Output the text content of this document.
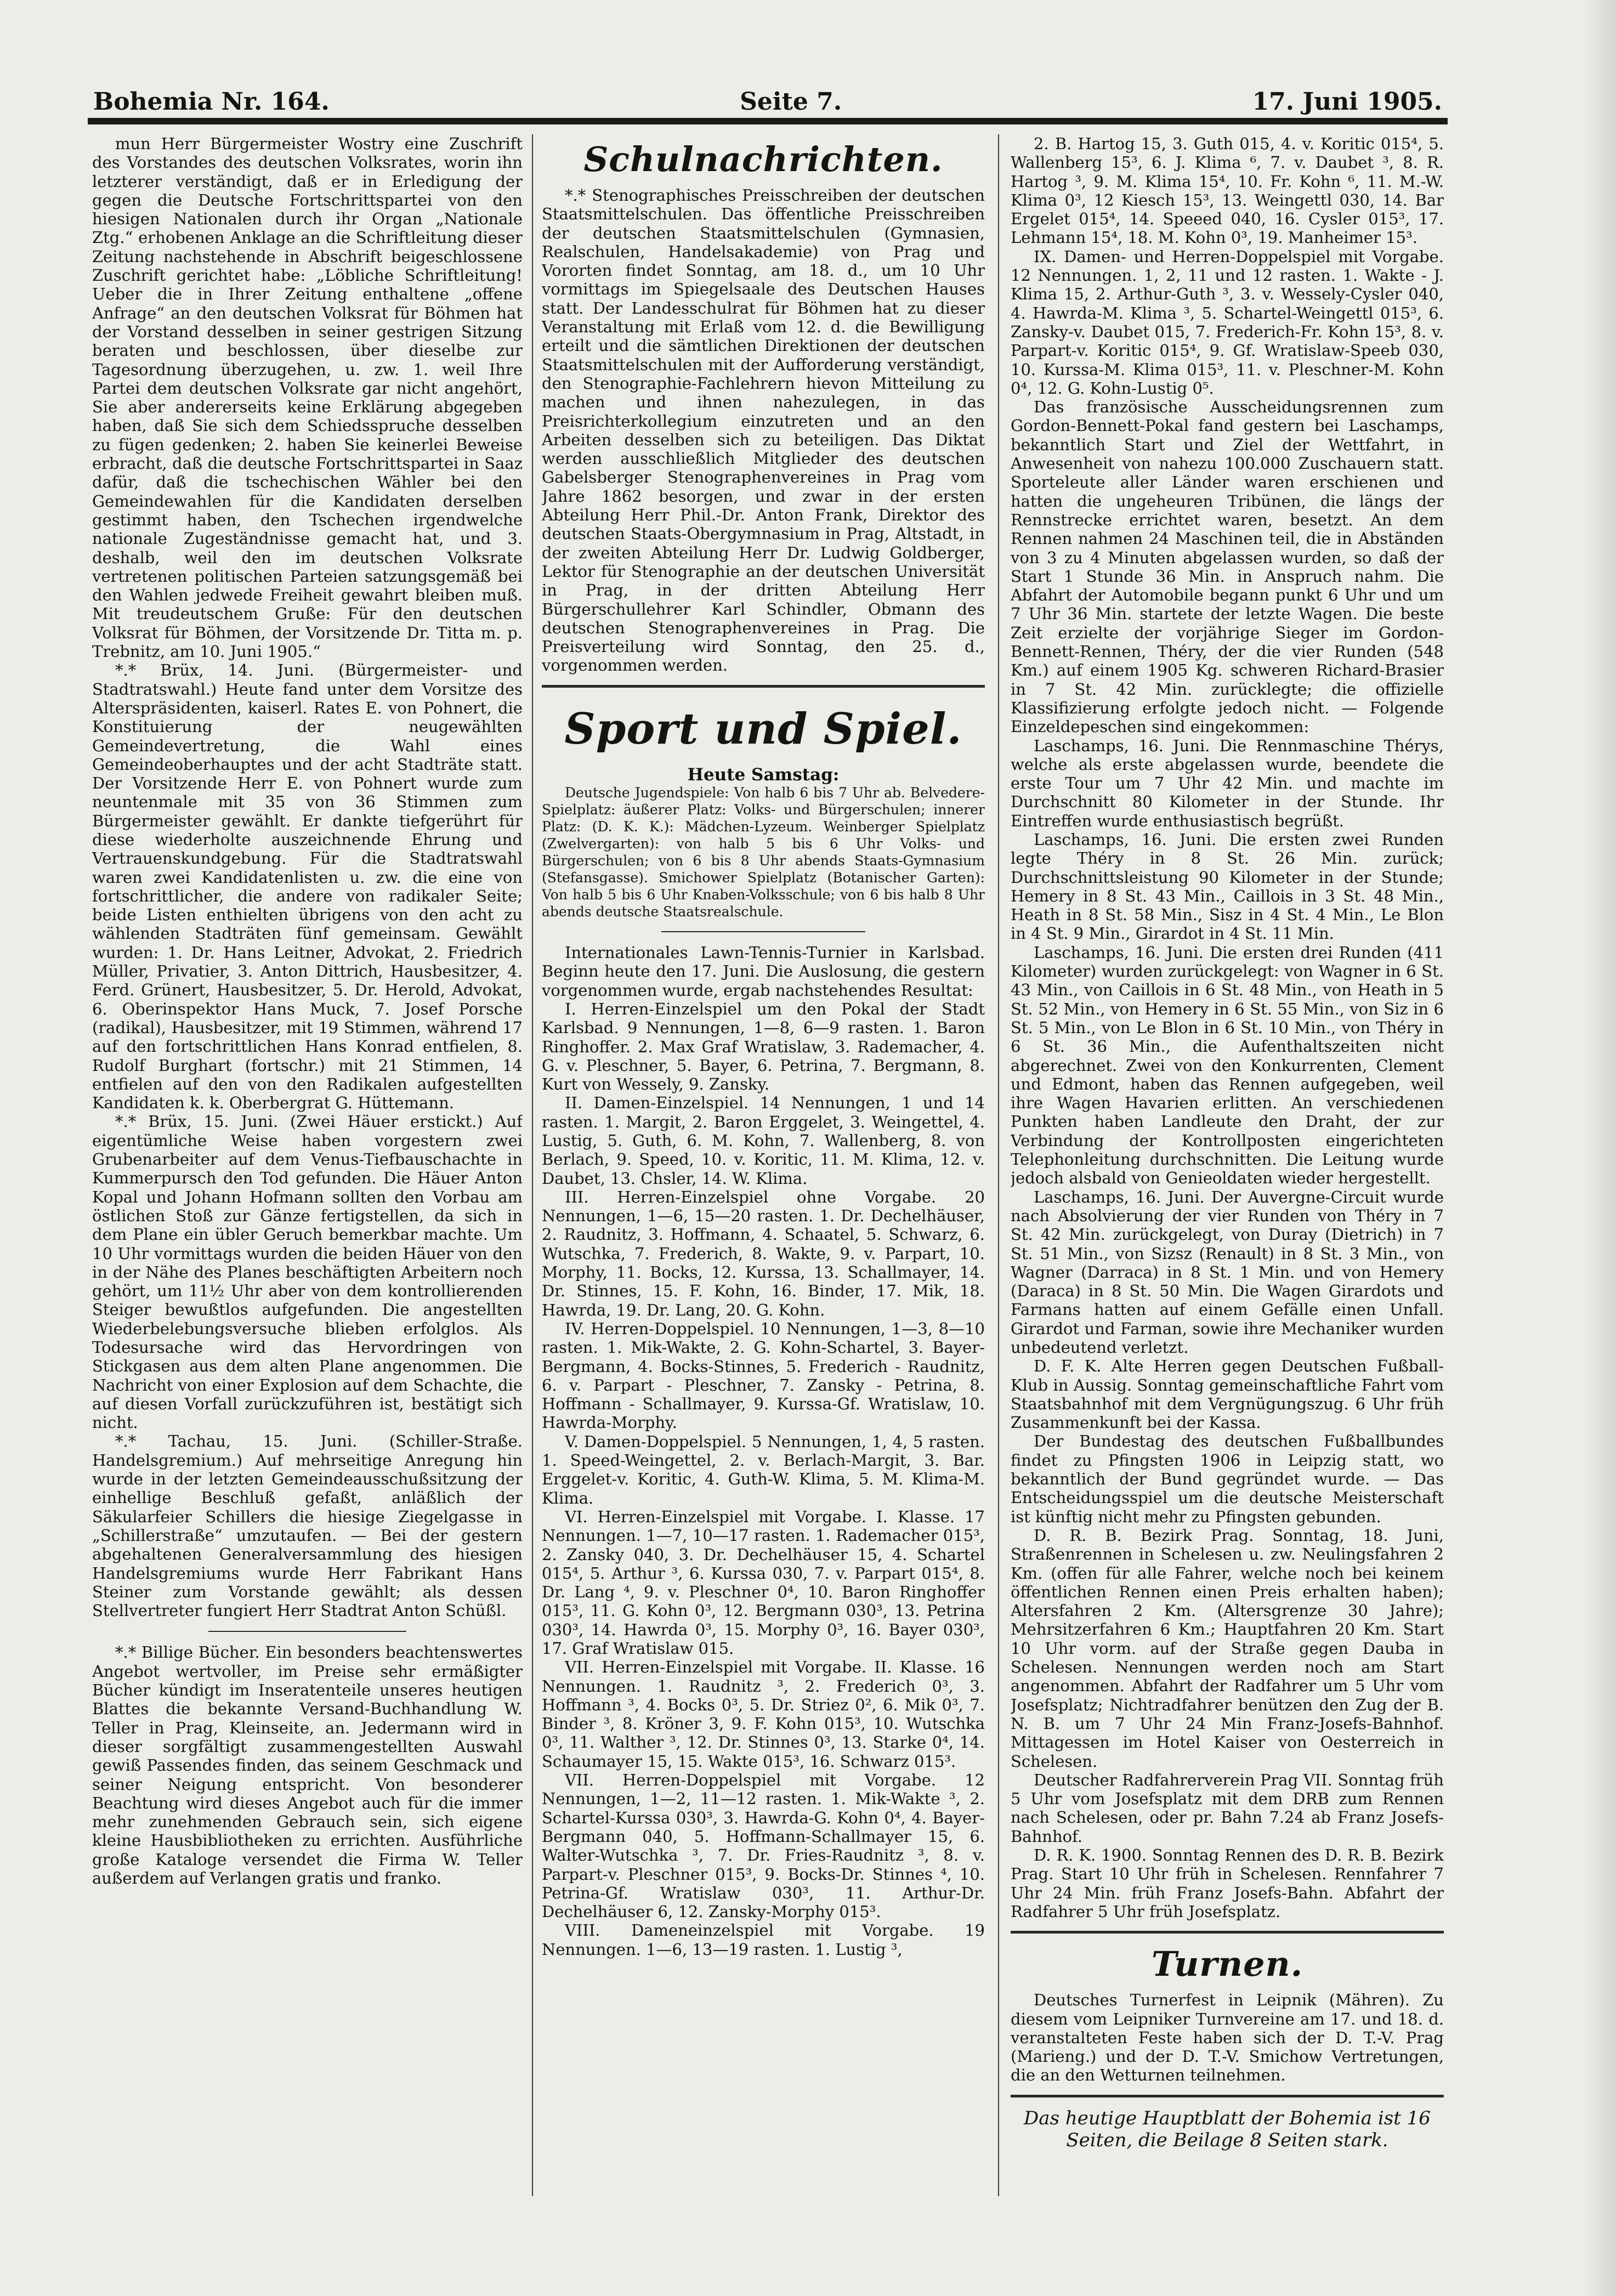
Bohemia Nr. 164.	Seite 7.	17. Juni 1905.

mun Herr Bürgermeister Wostry eine Zuschrift des Vorstandes des deutschen Volksrates, worin ihn letzterer verständigt, daß er in Erledigung der gegen die Deutsche Fortschrittspartei von den hiesigen Nationalen durch ihr Organ „Nationale Ztg.“ erhobenen Anklage an die Schriftleitung dieser Zeitung nachstehende in Abschrift beigeschlossene Zuschrift gerichtet habe: „Löbliche Schriftleitung! Ueber die in Ihrer Zeitung enthaltene „offene Anfrage“ an den deutschen Volksrat für Böhmen hat der Vorstand desselben in seiner gestrigen Sitzung beraten und beschlossen, über dieselbe zur Tagesordnung überzugehen, u. zw. 1. weil Ihre Partei dem deutschen Volksrate gar nicht angehört, Sie aber andererseits keine Erklärung abgegeben haben, daß Sie sich dem Schiedsspruche desselben zu fügen gedenken; 2. haben Sie keinerlei Beweise erbracht, daß die deutsche Fortschrittspartei in Saaz dafür, daß die tschechischen Wähler bei den Gemeindewahlen für die Kandidaten derselben gestimmt haben, den Tschechen irgendwelche nationale Zugeständnisse gemacht hat, und 3. deshalb, weil den im deutschen Volksrate vertretenen politischen Parteien satzungsgemäß bei den Wahlen jedwede Freiheit gewahrt bleiben muß. Mit treudeutschem Gruße: Für den deutschen Volksrat für Böhmen, der Vorsitzende Dr. Titta m. p. Trebnitz, am 10. Juni 1905.“

*.* Brüx, 14. Juni. (Bürgermeister- und Stadtratswahl.) Heute fand unter dem Vorsitze des Alterspräsidenten, kaiserl. Rates E. von Pohnert, die Konstituierung der neugewählten Gemeindevertretung, die Wahl eines Gemeindeoberhauptes und der acht Stadträte statt. Der Vorsitzende Herr E. von Pohnert wurde zum neuntenmale mit 35 von 36 Stimmen zum Bürgermeister gewählt. Er dankte tiefgerührt für diese wiederholte auszeichnende Ehrung und Vertrauenskundgebung. Für die Stadtratswahl waren zwei Kandidatenlisten u. zw. die eine von fortschrittlicher, die andere von radikaler Seite; beide Listen enthielten übrigens von den acht zu wählenden Stadträten fünf gemeinsam. Gewählt wurden: 1. Dr. Hans Leitner, Advokat, 2. Friedrich Müller, Privatier, 3. Anton Dittrich, Hausbesitzer, 4. Ferd. Grünert, Hausbesitzer, 5. Dr. Herold, Advokat, 6. Oberinspektor Hans Muck, 7. Josef Porsche (radikal), Hausbesitzer, mit 19 Stimmen, während 17 auf den fortschrittlichen Hans Konrad entfielen, 8. Rudolf Burghart (fortschr.) mit 21 Stimmen, 14 entfielen auf den von den Radikalen aufgestellten Kandidaten k. k. Oberbergrat G. Hüttemann.

*.* Brüx, 15. Juni. (Zwei Häuer erstickt.) Auf eigentümliche Weise haben vorgestern zwei Grubenarbeiter auf dem Venus-Tiefbauschachte in Kummerpursch den Tod gefunden. Die Häuer Anton Kopal und Johann Hofmann sollten den Vorbau am östlichen Stoß zur Gänze fertigstellen, da sich in dem Plane ein übler Geruch bemerkbar machte. Um 10 Uhr vormittags wurden die beiden Häuer von den in der Nähe des Planes beschäftigten Arbeitern noch gehört, um 11½ Uhr aber von dem kontrollierenden Steiger bewußtlos aufgefunden. Die angestellten Wiederbelebungsversuche blieben erfolglos. Als Todesursache wird das Hervordringen von Stickgasen aus dem alten Plane angenommen. Die Nachricht von einer Explosion auf dem Schachte, die auf diesen Vorfall zurückzuführen ist, bestätigt sich nicht.

*.* Tachau, 15. Juni. (Schiller-Straße. Handelsgremium.) Auf mehrseitige Anregung hin wurde in der letzten Gemeindeausschußsitzung der einhellige Beschluß gefaßt, anläßlich der Säkularfeier Schillers die hiesige Ziegelgasse in „Schillerstraße“ umzutaufen. — Bei der gestern abgehaltenen Generalversammlung des hiesigen Handelsgremiums wurde Herr Fabrikant Hans Steiner zum Vorstande gewählt; als dessen Stellvertreter fungiert Herr Stadtrat Anton Schüßl.

*.* Billige Bücher. Ein besonders beachtenswertes Angebot wertvoller, im Preise sehr ermäßigter Bücher kündigt im Inseratenteile unseres heutigen Blattes die bekannte Versand-Buchhandlung W. Teller in Prag, Kleinseite, an. Jedermann wird in dieser sorgfältigt zusammengestellten Auswahl gewiß Passendes finden, das seinem Geschmack und seiner Neigung entspricht. Von besonderer Beachtung wird dieses Angebot auch für die immer mehr zunehmenden Gebrauch sein, sich eigene kleine Hausbibliotheken zu errichten. Ausführliche große Kataloge versendet die Firma W. Teller außerdem auf Verlangen gratis und franko.

Schulnachrichten.

*.* Stenographisches Preisschreiben der deutschen Staatsmittelschulen. Das öffentliche Preisschreiben der deutschen Staatsmittelschulen (Gymnasien, Realschulen, Handelsakademie) von Prag und Vororten findet Sonntag, am 18. d., um 10 Uhr vormittags im Spiegelsaale des Deutschen Hauses statt. Der Landesschulrat für Böhmen hat zu dieser Veranstaltung mit Erlaß vom 12. d. die Bewilligung erteilt und die sämtlichen Direktionen der deutschen Staatsmittelschulen mit der Aufforderung verständigt, den Stenographie-Fachlehrern hievon Mitteilung zu machen und ihnen nahezulegen, in das Preisrichterkollegium einzutreten und an den Arbeiten desselben sich zu beteiligen. Das Diktat werden ausschließlich Mitglieder des deutschen Gabelsberger Stenographenvereines in Prag vom Jahre 1862 besorgen, und zwar in der ersten Abteilung Herr Phil.-Dr. Anton Frank, Direktor des deutschen Staats-Obergymnasium in Prag, Altstadt, in der zweiten Abteilung Herr Dr. Ludwig Goldberger, Lektor für Stenographie an der deutschen Universität in Prag, in der dritten Abteilung Herr Bürgerschullehrer Karl Schindler, Obmann des deutschen Stenographenvereines in Prag. Die Preisverteilung wird Sonntag, den 25. d., vorgenommen werden.

Sport und Spiel.
Heute Samstag:

Deutsche Jugendspiele: Von halb 6 bis 7 Uhr ab. Belvedere-Spielplatz: äußerer Platz: Volks- und Bürgerschulen; innerer Platz: (D. K. K.): Mädchen-Lyzeum. Weinberger Spielplatz (Zwelvergarten): von halb 5 bis 6 Uhr Volks- und Bürgerschulen; von 6 bis 8 Uhr abends Staats-Gymnasium (Stefansgasse). Smichower Spielplatz (Botanischer Garten): Von halb 5 bis 6 Uhr Knaben-Volksschule; von 6 bis halb 8 Uhr abends deutsche Staatsrealschule.

Internationales Lawn-Tennis-Turnier in Karlsbad. Beginn heute den 17. Juni. Die Auslosung, die gestern vorgenommen wurde, ergab nachstehendes Resultat:

I. Herren-Einzelspiel um den Pokal der Stadt Karlsbad. 9 Nennungen, 1—8, 6—9 rasten. 1. Baron Ringhoffer. 2. Max Graf Wratislaw, 3. Rademacher, 4. G. v. Pleschner, 5. Bayer, 6. Petrina, 7. Bergmann, 8. Kurt von Wessely, 9. Zansky.

II. Damen-Einzelspiel. 14 Nennungen, 1 und 14 rasten. 1. Margit, 2. Baron Erggelet, 3. Weingettel, 4. Lustig, 5. Guth, 6. M. Kohn, 7. Wallenberg, 8. von Berlach, 9. Speed, 10. v. Koritic, 11. M. Klima, 12. v. Daubet, 13. Chsler, 14. W. Klima.

III. Herren-Einzelspiel ohne Vorgabe. 20 Nennungen, 1—6, 15—20 rasten. 1. Dr. Dechelhäuser, 2. Raudnitz, 3. Hoffmann, 4. Schaatel, 5. Schwarz, 6. Wutschka, 7. Frederich, 8. Wakte, 9. v. Parpart, 10. Morphy, 11. Bocks, 12. Kurssa, 13. Schallmayer, 14. Dr. Stinnes, 15. F. Kohn, 16. Binder, 17. Mik, 18. Hawrda, 19. Dr. Lang, 20. G. Kohn.

IV. Herren-Doppelspiel. 10 Nennungen, 1—3, 8—10 rasten. 1. Mik-Wakte, 2. G. Kohn-Schartel, 3. Bayer-Bergmann, 4. Bocks-Stinnes, 5. Frederich - Raudnitz, 6. v. Parpart - Pleschner, 7. Zansky - Petrina, 8. Hoffmann - Schallmayer, 9. Kurssa-Gf. Wratislaw, 10. Hawrda-Morphy.

V. Damen-Doppelspiel. 5 Nennungen, 1, 4, 5 rasten. 1. Speed-Weingettel, 2. v. Berlach-Margit, 3. Bar. Erggelet-v. Koritic, 4. Guth-W. Klima, 5. M. Klima-M. Klima.

VI. Herren-Einzelspiel mit Vorgabe. I. Klasse. 17 Nennungen. 1—7, 10—17 rasten. 1. Rademacher 015³, 2. Zansky 040, 3. Dr. Dechelhäuser 15, 4. Schartel 015⁴, 5. Arthur ³, 6. Kurssa 030, 7. v. Parpart 015⁴, 8. Dr. Lang ⁴, 9. v. Pleschner 0⁴, 10. Baron Ringhoffer 015³, 11. G. Kohn 0³, 12. Bergmann 030³, 13. Petrina 030³, 14. Hawrda 0³, 15. Morphy 0³, 16. Bayer 030³, 17. Graf Wratislaw 015.

VII. Herren-Einzelspiel mit Vorgabe. II. Klasse. 16 Nennungen. 1. Raudnitz ³, 2. Frederich 0³, 3. Hoffmann ³, 4. Bocks 0³, 5. Dr. Striez 0², 6. Mik 0³, 7. Binder ³, 8. Kröner 3, 9. F. Kohn 015³, 10. Wutschka 0³, 11. Walther ³, 12. Dr. Stinnes 0³, 13. Starke 0⁴, 14. Schaumayer 15, 15. Wakte 015³, 16. Schwarz 015³.

VII. Herren-Doppelspiel mit Vorgabe. 12 Nennungen, 1—2, 11—12 rasten. 1. Mik-Wakte ³, 2. Schartel-Kurssa 030³, 3. Hawrda-G. Kohn 0⁴, 4. Bayer-Bergmann 040, 5. Hoffmann-Schallmayer 15, 6. Walter-Wutschka ³, 7. Dr. Fries-Raudnitz ³, 8. v. Parpart-v. Pleschner 015³, 9. Bocks-Dr. Stinnes ⁴, 10. Petrina-Gf. Wratislaw 030³, 11. Arthur-Dr. Dechelhäuser 6, 12. Zansky-Morphy 015³.

VIII. Dameneinzelspiel mit Vorgabe. 19 Nennungen. 1—6, 13—19 rasten. 1. Lustig ³,

2. B. Hartog 15, 3. Guth 015, 4. v. Koritic 015⁴, 5. Wallenberg 15³, 6. J. Klima ⁶, 7. v. Daubet ³, 8. R. Hartog ³, 9. M. Klima 15⁴, 10. Fr. Kohn ⁶, 11. M.-W. Klima 0³, 12 Kiesch 15³, 13. Weingettl 030, 14. Bar Ergelet 015⁴, 14. Speeed 040, 16. Cysler 015³, 17. Lehmann 15⁴, 18. M. Kohn 0³, 19. Manheimer 15³.

IX. Damen- und Herren-Doppelspiel mit Vorgabe. 12 Nennungen. 1, 2, 11 und 12 rasten. 1. Wakte - J. Klima 15, 2. Arthur-Guth ³, 3. v. Wessely-Cysler 040, 4. Hawrda-M. Klima ³, 5. Schartel-Weingettl 015³, 6. Zansky-v. Daubet 015, 7. Frederich-Fr. Kohn 15³, 8. v. Parpart-v. Koritic 015⁴, 9. Gf. Wratislaw-Speeb 030, 10. Kurssa-M. Klima 015³, 11. v. Pleschner-M. Kohn 0⁴, 12. G. Kohn-Lustig 0⁵.

Das französische Ausscheidungsrennen zum Gordon-Bennett-Pokal fand gestern bei Laschamps, bekanntlich Start und Ziel der Wettfahrt, in Anwesenheit von nahezu 100.000 Zuschauern statt. Sporteleute aller Länder waren erschienen und hatten die ungeheuren Tribünen, die längs der Rennstrecke errichtet waren, besetzt. An dem Rennen nahmen 24 Maschinen teil, die in Abständen von 3 zu 4 Minuten abgelassen wurden, so daß der Start 1 Stunde 36 Min. in Anspruch nahm. Die Abfahrt der Automobile begann punkt 6 Uhr und um 7 Uhr 36 Min. startete der letzte Wagen. Die beste Zeit erzielte der vorjährige Sieger im Gordon-Bennett-Rennen, Théry, der die vier Runden (548 Km.) auf einem 1905 Kg. schweren Richard-Brasier in 7 St. 42 Min. zurücklegte; die offizielle Klassifizierung erfolgte jedoch nicht. — Folgende Einzeldepeschen sind eingekommen:

Laschamps, 16. Juni. Die Rennmaschine Thérys, welche als erste abgelassen wurde, beendete die erste Tour um 7 Uhr 42 Min. und machte im Durchschnitt 80 Kilometer in der Stunde. Ihr Eintreffen wurde enthusiastisch begrüßt.

Laschamps, 16. Juni. Die ersten zwei Runden legte Théry in 8 St. 26 Min. zurück; Durchschnittsleistung 90 Kilometer in der Stunde; Hemery in 8 St. 43 Min., Caillois in 3 St. 48 Min., Heath in 8 St. 58 Min., Sisz in 4 St. 4 Min., Le Blon in 4 St. 9 Min., Girardot in 4 St. 11 Min.

Laschamps, 16. Juni. Die ersten drei Runden (411 Kilometer) wurden zurückgelegt: von Wagner in 6 St. 43 Min., von Caillois in 6 St. 48 Min., von Heath in 5 St. 52 Min., von Hemery in 6 St. 55 Min., von Siz in 6 St. 5 Min., von Le Blon in 6 St. 10 Min., von Théry in 6 St. 36 Min., die Aufenthaltszeiten nicht abgerechnet. Zwei von den Konkurrenten, Clement und Edmont, haben das Rennen aufgegeben, weil ihre Wagen Havarien erlitten. An verschiedenen Punkten haben Landleute den Draht, der zur Verbindung der Kontrollposten eingerichteten Telephonleitung durchschnitten. Die Leitung wurde jedoch alsbald von Genieoldaten wieder hergestellt.

Laschamps, 16. Juni. Der Auvergne-Circuit wurde nach Absolvierung der vier Runden von Théry in 7 St. 42 Min. zurückgelegt, von Duray (Dietrich) in 7 St. 51 Min., von Sizsz (Renault) in 8 St. 3 Min., von Wagner (Darraca) in 8 St. 1 Min. und von Hemery (Daraca) in 8 St. 50 Min. Die Wagen Girardots und Farmans hatten auf einem Gefälle einen Unfall. Girardot und Farman, sowie ihre Mechaniker wurden unbedeutend verletzt.

D. F. K. Alte Herren gegen Deutschen Fußball-Klub in Aussig. Sonntag gemeinschaftliche Fahrt vom Staatsbahnhof mit dem Vergnügungszug. 6 Uhr früh Zusammenkunft bei der Kassa.

Der Bundestag des deutschen Fußballbundes findet zu Pfingsten 1906 in Leipzig statt, wo bekanntlich der Bund gegründet wurde. — Das Entscheidungsspiel um die deutsche Meisterschaft ist künftig nicht mehr zu Pfingsten gebunden.

D. R. B. Bezirk Prag. Sonntag, 18. Juni, Straßenrennen in Schelesen u. zw. Neulingsfahren 2 Km. (offen für alle Fahrer, welche noch bei keinem öffentlichen Rennen einen Preis erhalten haben); Altersfahren 2 Km. (Altersgrenze 30 Jahre); Mehrsitzerfahren 6 Km.; Hauptfahren 20 Km. Start 10 Uhr vorm. auf der Straße gegen Dauba in Schelesen. Nennungen werden noch am Start angenommen. Abfahrt der Radfahrer um 5 Uhr vom Josefsplatz; Nichtradfahrer benützen den Zug der B. N. B. um 7 Uhr 24 Min Franz-Josefs-Bahnhof. Mittagessen im Hotel Kaiser von Oesterreich in Schelesen.

Deutscher Radfahrerverein Prag VII. Sonntag früh 5 Uhr vom Josefsplatz mit dem DRB zum Rennen nach Schelesen, oder pr. Bahn 7.24 ab Franz Josefs-Bahnhof.

D. R. K. 1900. Sonntag Rennen des D. R. B. Bezirk Prag. Start 10 Uhr früh in Schelesen. Rennfahrer 7 Uhr 24 Min. früh Franz Josefs-Bahn. Abfahrt der Radfahrer 5 Uhr früh Josefsplatz.

Turnen.

Deutsches Turnerfest in Leipnik (Mähren). Zu diesem vom Leipniker Turnvereine am 17. und 18. d. veranstalteten Feste haben sich der D. T.-V. Prag (Marieng.) und der D. T.-V. Smichow Vertretungen, die an den Wetturnen teilnehmen.

Das heutige Hauptblatt der Bohemia ist 16 Seiten, die Beilage 8 Seiten stark.
